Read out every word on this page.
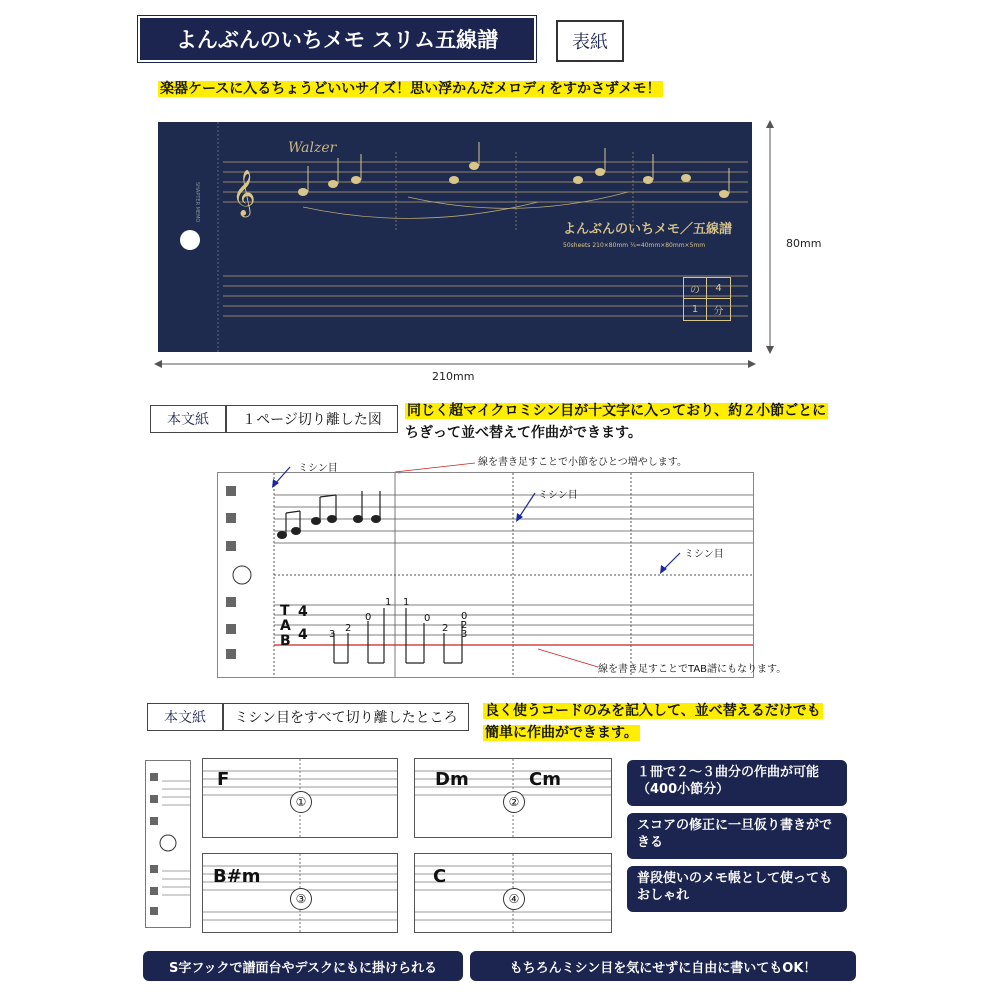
よんぶんのいちメモ スリム五線譜	表紙
楽器ケースに入るちょうどいいサイズ！思い浮かんだメロディをすかさずメモ！
𝄞
Walzer
SHAPTER MEMO
よんぶんのいちメモ／五線譜
50sheets 210×80mm ¼=40mm×80mm×5mm
の	4
1	分
80mm
210mm
本文紙	１ページ切り離した図
同じく超マイクロミシン目が十文字に入っており、約２小節ごとに
ちぎって並べ替えて作曲ができます。
T
A
B
4
4 3
2
0
1 1
0
2
0
2
3
ミシン目
線を書き足すことで小節をひとつ増やします。
ミシン目
ミシン目
線を書き足すことでTAB譜にもなります。
本文紙	ミシン目をすべて切り離したところ	良く使うコードのみを記入して、並べ替えるだけでも
簡単に作曲ができます。
F
①
Dm	Cm
②
B#m
③
C
④
１冊で２～３曲分の作曲が可能（400小節分）
スコアの修正に一旦仮り書きができる
普段使いのメモ帳として使ってもおしゃれ
S字フックで譜面台やデスクにもに掛けられる	もちろんミシン目を気にせずに自由に書いてもOK！
